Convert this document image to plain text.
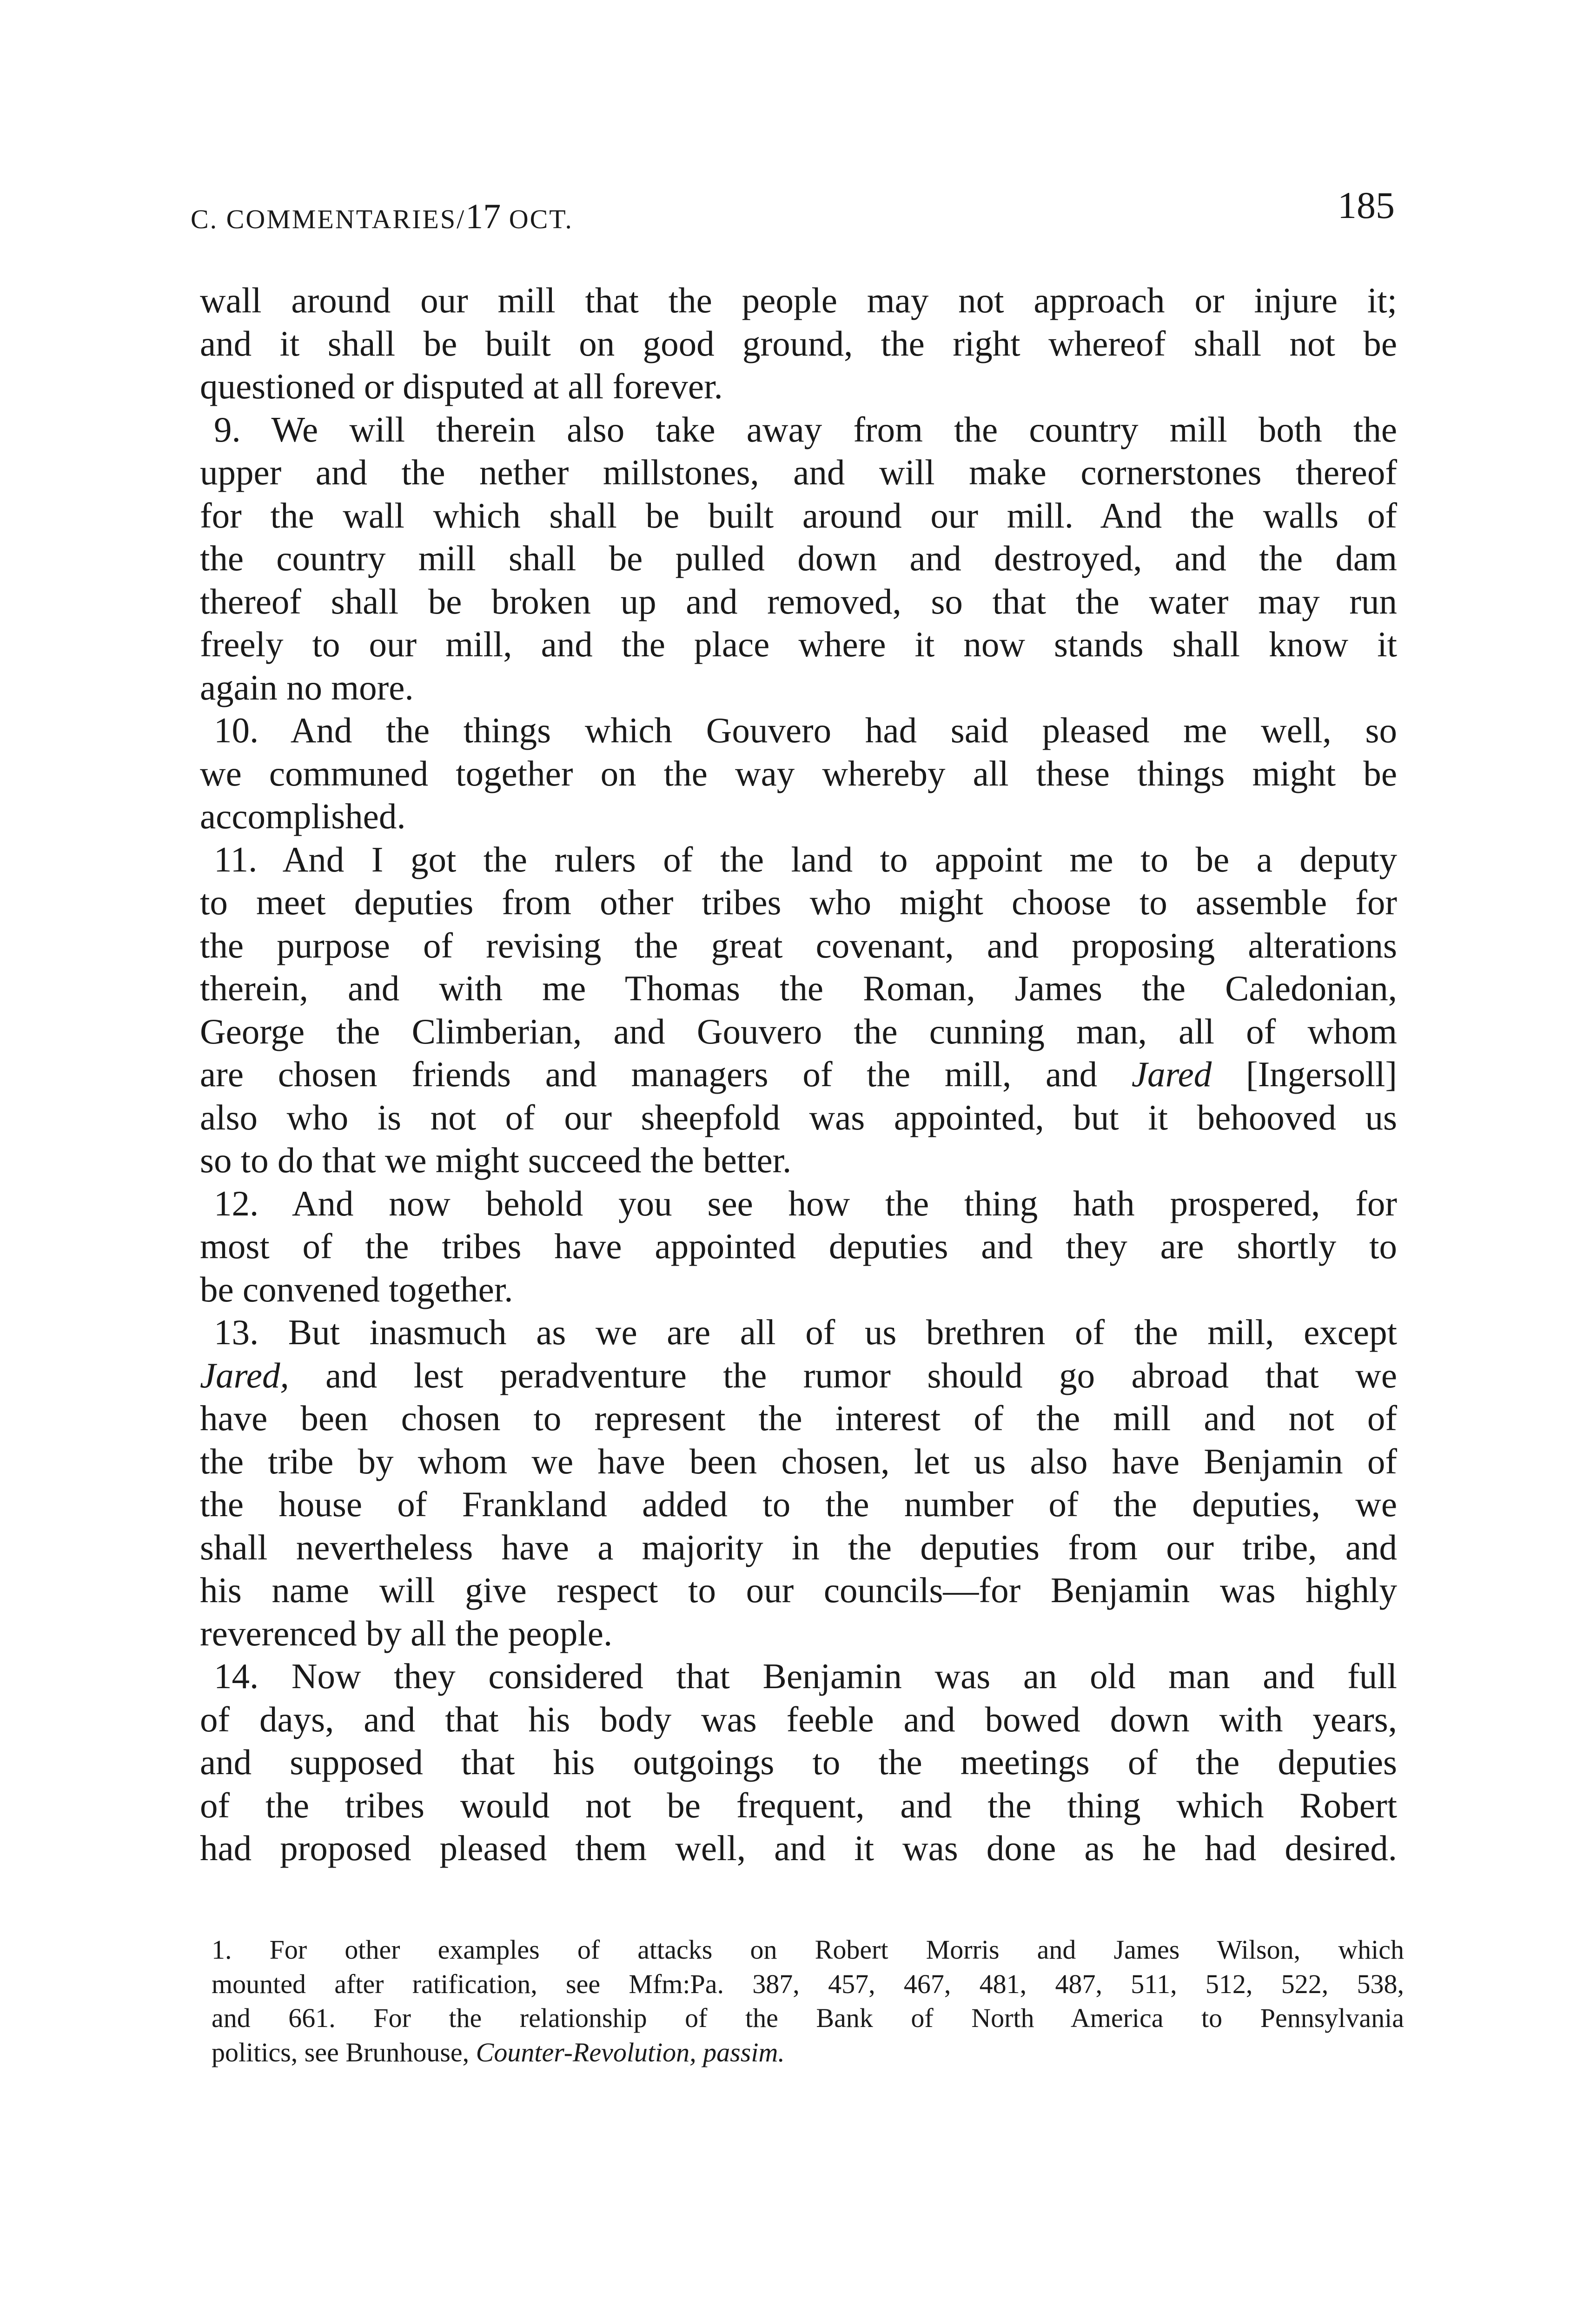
C. COMMENTARIES/17 OCT.	185
wall around our mill that the people may not approach or injure it;
and it shall be built on good ground, the right whereof shall not be
questioned or disputed at all forever.
9. We will therein also take away from the country mill both the
upper and the nether millstones, and will make cornerstones thereof
for the wall which shall be built around our mill. And the walls of
the country mill shall be pulled down and destroyed, and the dam
thereof shall be broken up and removed, so that the water may run
freely to our mill, and the place where it now stands shall know it
again no more.
10. And the things which Gouvero had said pleased me well, so
we communed together on the way whereby all these things might be
accomplished.
11. And I got the rulers of the land to appoint me to be a deputy
to meet deputies from other tribes who might choose to assemble for
the purpose of revising the great covenant, and proposing alterations
therein, and with me Thomas the Roman, James the Caledonian,
George the Climberian, and Gouvero the cunning man, all of whom
are chosen friends and managers of the mill, and Jared [Ingersoll]
also who is not of our sheepfold was appointed, but it behooved us
so to do that we might succeed the better.
12. And now behold you see how the thing hath prospered, for
most of the tribes have appointed deputies and they are shortly to
be convened together.
13. But inasmuch as we are all of us brethren of the mill, except
Jared, and lest peradventure the rumor should go abroad that we
have been chosen to represent the interest of the mill and not of
the tribe by whom we have been chosen, let us also have Benjamin of
the house of Frankland added to the number of the deputies, we
shall nevertheless have a majority in the deputies from our tribe, and
his name will give respect to our councils—for Benjamin was highly
reverenced by all the people.
14. Now they considered that Benjamin was an old man and full
of days, and that his body was feeble and bowed down with years,
and supposed that his outgoings to the meetings of the deputies
of the tribes would not be frequent, and the thing which Robert
had proposed pleased them well, and it was done as he had desired.
1. For other examples of attacks on Robert Morris and James Wilson, which
mounted after ratification, see Mfm:Pa. 387, 457, 467, 481, 487, 511, 512, 522, 538,
and 661. For the relationship of the Bank of North America to Pennsylvania
politics, see Brunhouse, Counter-Revolution, passim.
